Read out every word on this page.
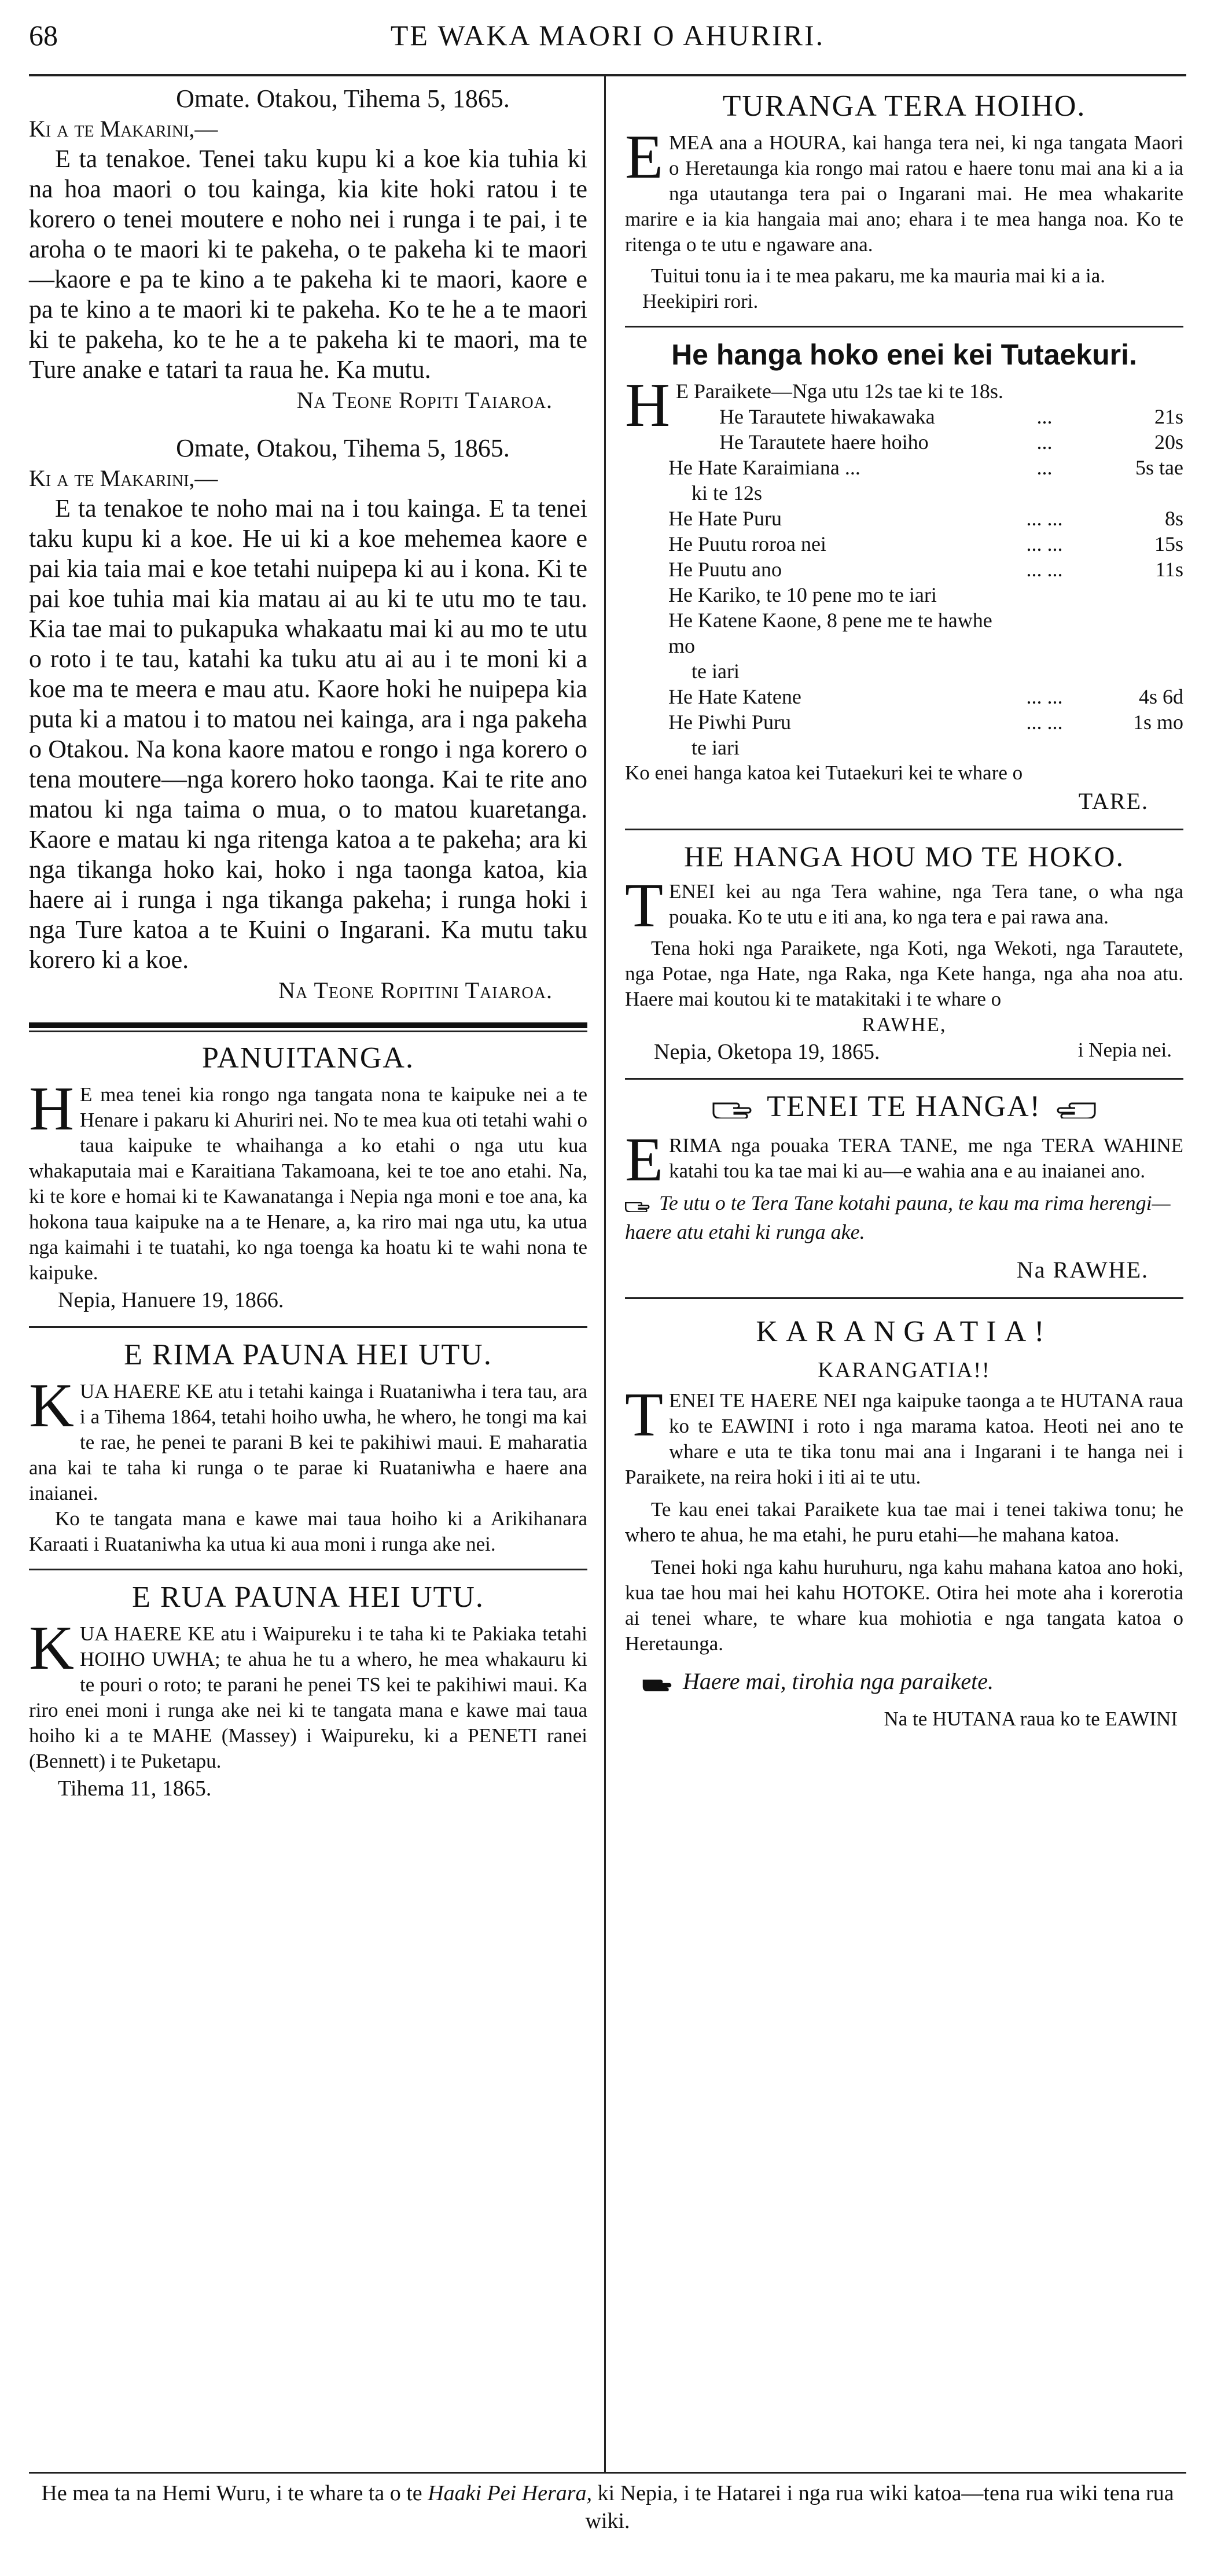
68	TE WAKA MAORI O AHURIRI.

Omate. Otakou, Tihema 5, 1865.

Ki a te Makarini,—

E ta tenakoe. Tenei taku kupu ki a koe kia tuhia ki na hoa maori o tou kainga, kia kite hoki ratou i te korero o tenei moutere e noho nei i runga i te pai, i te aroha o te maori ki te pakeha, o te pakeha ki te maori—kaore e pa te kino a te pakeha ki te maori, kaore e pa te kino a te maori ki te pakeha. Ko te he a te maori ki te pakeha, ko te he a te pakeha ki te maori, ma te Ture anake e tatari ta raua he. Ka mutu.

Na Teone Ropiti Taiaroa.

Omate, Otakou, Tihema 5, 1865.

Ki a te Makarini,—

E ta tenakoe te noho mai na i tou kainga. E ta tenei taku kupu ki a koe. He ui ki a koe mehemea kaore e pai kia taia mai e koe tetahi nuipepa ki au i kona. Ki te pai koe tuhia mai kia matau ai au ki te utu mo te tau. Kia tae mai to pukapuka whakaatu mai ki au mo te utu o roto i te tau, katahi ka tuku atu ai au i te moni ki a koe ma te meera e mau atu. Kaore hoki he nuipepa kia puta ki a matou i to matou nei kainga, ara i nga pakeha o Otakou. Na kona kaore matou e rongo i nga korero o tena moutere—nga korero hoko taonga. Kai te rite ano matou ki nga taima o mua, o to matou kuaretanga. Kaore e matau ki nga ritenga katoa a te pakeha; ara ki nga tikanga hoko kai, hoko i nga taonga katoa, kia haere ai i runga i nga tikanga pakeha; i runga hoki i nga Ture katoa a te Kuini o Ingarani. Ka mutu taku korero ki a koe.

Na Teone Ropitini Taiaroa.

PANUITANGA.
H E mea tenei kia rongo nga tangata nona te kaipuke nei a te Henare i pakaru ki Ahuriri nei. No te mea kua oti tetahi wahi o taua kaipuke te whaihanga a ko etahi o nga utu kua whakaputaia mai e Karaitiana Takamoana, kei te toe ano etahi. Na, ki te kore e homai ki te Kawanatanga i Nepia nga moni e toe ana, ka hokona taua kaipuke na a te Henare, a, ka riro mai nga utu, ka utua nga kaimahi i te tuatahi, ko nga toenga ka hoatu ki te wahi nona te kaipuke.

Nepia, Hanuere 19, 1866.

E RIMA PAUNA HEI UTU.
K UA HAERE KE atu i tetahi kainga i Ruataniwha i tera tau, ara i a Tihema 1864, tetahi hoiho uwha, he whero, he tongi ma kai te rae, he penei te parani B kei te pakihiwi maui. E maharatia ana kai te taha ki runga o te parae ki Ruataniwha e haere ana inaianei.

Ko te tangata mana e kawe mai taua hoiho ki a Arikihanara Karaati i Ruataniwha ka utua ki aua moni i runga ake nei.

E RUA PAUNA HEI UTU.
K UA HAERE KE atu i Waipureku i te taha ki te Pakiaka tetahi HOIHO UWHA; te ahua he tu a whero, he mea whakauru ki te pouri o roto; te parani he penei TS kei te pakihiwi maui. Ka riro enei moni i runga ake nei ki te tangata mana e kawe mai taua hoiho ki a te MAHE (Massey) i Waipureku, ki a PENETI ranei (Bennett) i te Puketapu.

Tihema 11, 1865.

TURANGA TERA HOIHO.
E MEA ana a HOURA, kai hanga tera nei, ki nga tangata Maori o Heretaunga kia rongo mai ratou e haere tonu mai ana ki a ia nga utautanga tera pai o Ingarani mai. He mea whakarite marire e ia kia hangaia mai ano; ehara i te mea hanga noa. Ko te ritenga o te utu e ngaware ana.

Tuitui tonu ia i te mea pakaru, me ka mauria mai ki a ia.

Heekipiri rori.

He hanga hoko enei kei Tutaekuri.
H E Paraikete—Nga utu 12s tae ki te 18s.
He Tarautete hiwakawaka	...	21s
He Tarautete haere hoiho	...	20s
He Hate Karaimiana ...	...	5s tae
ki te 12s
He Hate Puru	... ...	8s
He Puutu roroa nei	... ...	15s
He Puutu ano	... ...	11s
He Kariko, te 10 pene mo te iari
He Katene Kaone, 8 pene me te hawhe mo
te iari
He Hate Katene	... ...	4s 6d
He Piwhi Puru	... ...	1s mo
te iari

Ko enei hanga katoa kei Tutaekuri kei te whare o

TARE.

HE HANGA HOU MO TE HOKO.
T ENEI kei au nga Tera wahine, nga Tera tane, o wha nga pouaka. Ko te utu e iti ana, ko nga tera e pai rawa ana.

Tena hoki nga Paraikete, nga Koti, nga Wekoti, nga Tarautete, nga Potae, nga Hate, nga Raka, nga Kete hanga, nga aha noa atu. Haere mai koutou ki te matakitaki i te whare o

RAWHE,

i Nepia nei.

Nepia, Oketopa 19, 1865.

TENEI TE HANGA!
E RIMA nga pouaka TERA TANE, me nga TERA WAHINE katahi tou ka tae mai ki au—e wahia ana e au inaianei ano.

Te utu o te Tera Tane kotahi pauna, te kau ma rima herengi—haere atu etahi ki runga ake.

Na RAWHE.

KARANGATIA!
KARANGATIA!!
T ENEI TE HAERE NEI nga kaipuke taonga a te HUTANA raua ko te EAWINI i roto i nga marama katoa. Heoti nei ano te whare e uta te tika tonu mai ana i Ingarani i te hanga nei i Paraikete, na reira hoki i iti ai te utu.

Te kau enei takai Paraikete kua tae mai i tenei takiwa tonu; he whero te ahua, he ma etahi, he puru etahi—he mahana katoa.

Tenei hoki nga kahu huruhuru, nga kahu mahana katoa ano hoki, kua tae hou mai hei kahu HOTOKE. Otira hei mote aha i korerotia ai tenei whare, te whare kua mohiotia e nga tangata katoa o Heretaunga.

Haere mai, tirohia nga paraikete.

Na te HUTANA raua ko te EAWINI

He mea ta na Hemi Wuru, i te whare ta o te Haaki Pei Herara, ki Nepia, i te Hatarei i nga rua wiki katoa—tena rua wiki tena rua wiki.
